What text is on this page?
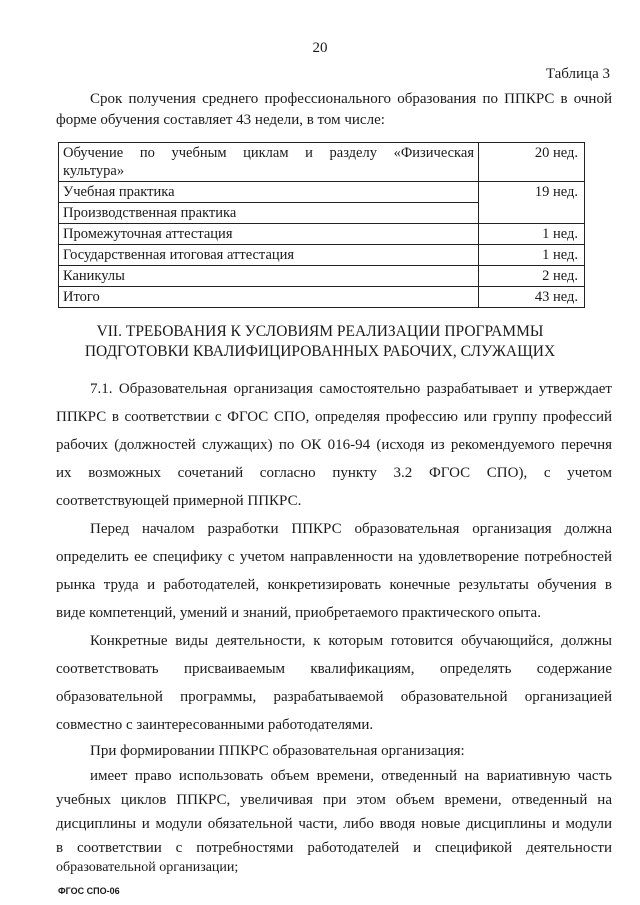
20
Таблица 3
Срок получения среднего профессионального образования по ППКРС в очной
форме обучения составляет 43 недели, в том числе:
Обучение по учебным циклам и разделу «Физическая
культура»	20 нед.
Учебная практика	19 нед.
Производственная практика	
Промежуточная аттестация	1 нед.
Государственная итоговая аттестация	1 нед.
Каникулы	2 нед.
Итого	43 нед.
VII. ТРЕБОВАНИЯ К УСЛОВИЯМ РЕАЛИЗАЦИИ ПРОГРАММЫ
ПОДГОТОВКИ КВАЛИФИЦИРОВАННЫХ РАБОЧИХ, СЛУЖАЩИХ
7.1. Образовательная организация самостоятельно разрабатывает и утверждает
ППКРС в соответствии с ФГОС СПО, определяя профессию или группу профессий
рабочих (должностей служащих) по ОК 016-94 (исходя из рекомендуемого перечня
их возможных сочетаний согласно пункту 3.2 ФГОС СПО), с учетом
соответствующей примерной ППКРС.
Перед началом разработки ППКРС образовательная организация должна
определить ее специфику с учетом направленности на удовлетворение потребностей
рынка труда и работодателей, конкретизировать конечные результаты обучения в
виде компетенций, умений и знаний, приобретаемого практического опыта.
Конкретные виды деятельности, к которым готовится обучающийся, должны
соответствовать присваиваемым квалификациям, определять содержание
образовательной программы, разрабатываемой образовательной организацией
совместно с заинтересованными работодателями.
При формировании ППКРС образовательная организация:
имеет право использовать объем времени, отведенный на вариативную часть
учебных циклов ППКРС, увеличивая при этом объем времени, отведенный на
дисциплины и модули обязательной части, либо вводя новые дисциплины и модули
в соответствии с потребностями работодателей и спецификой деятельности
ФГОС СПО-06
образовательной организации;
